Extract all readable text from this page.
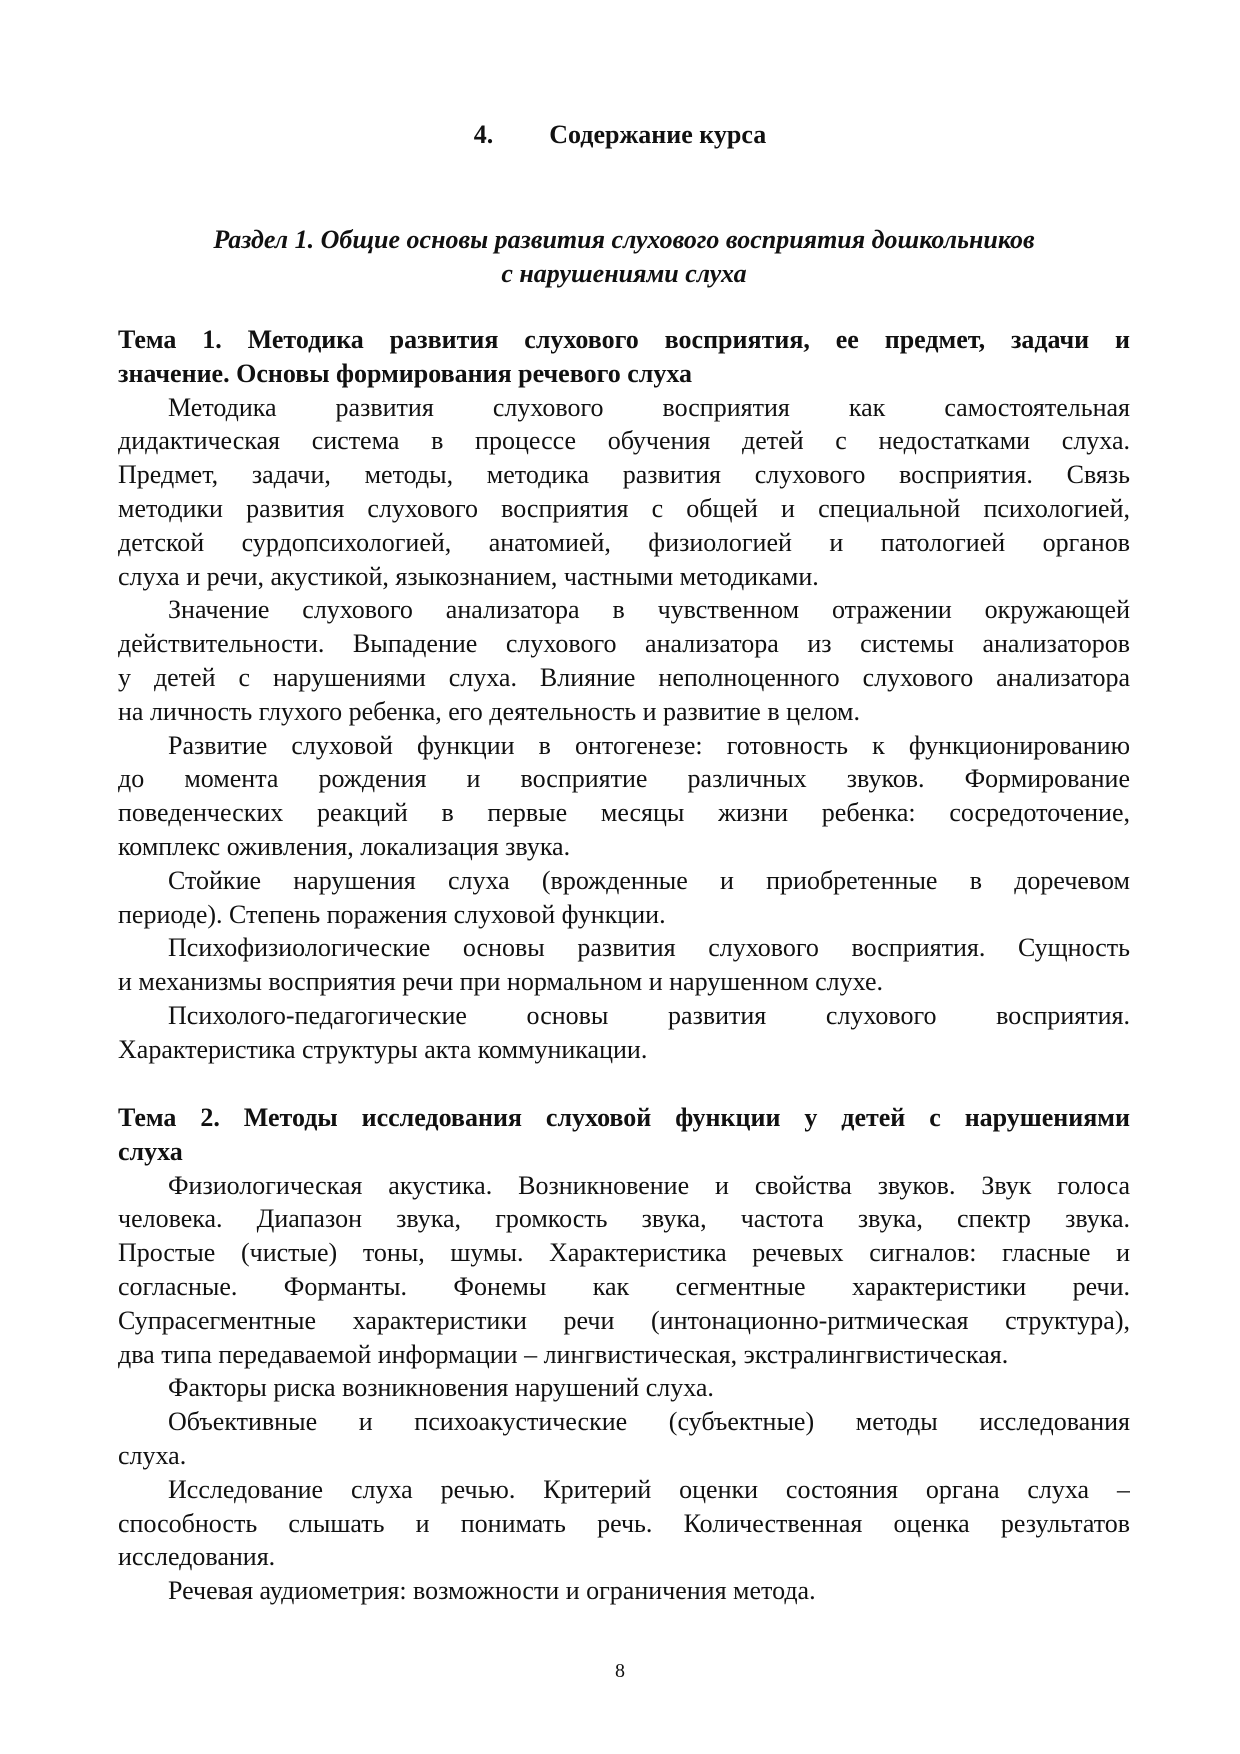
4. Содержание курса
Раздел 1. Общие основы развития слухового восприятия дошкольников
с нарушениями слуха
Тема 1. Методика развития слухового восприятия, ее предмет, задачи и
значение. Основы формирования речевого слуха
Методика развития слухового восприятия как самостоятельная
дидактическая система в процессе обучения детей с недостатками слуха.
Предмет, задачи, методы, методика развития слухового восприятия. Связь
методики развития слухового восприятия с общей и специальной психологией,
детской сурдопсихологией, анатомией, физиологией и патологией органов
слуха и речи, акустикой, языкознанием, частными методиками.
Значение слухового анализатора в чувственном отражении окружающей
действительности. Выпадение слухового анализатора из системы анализаторов
у детей с нарушениями слуха. Влияние неполноценного слухового анализатора
на личность глухого ребенка, его деятельность и развитие в целом.
Развитие слуховой функции в онтогенезе: готовность к функционированию
до момента рождения и восприятие различных звуков. Формирование
поведенческих реакций в первые месяцы жизни ребенка: сосредоточение,
комплекс оживления, локализация звука.
Стойкие нарушения слуха (врожденные и приобретенные в доречевом
периоде). Степень поражения слуховой функции.
Психофизиологические основы развития слухового восприятия. Сущность
и механизмы восприятия речи при нормальном и нарушенном слухе.
Психолого-педагогические основы развития слухового восприятия.
Характеристика структуры акта коммуникации.
Тема 2. Методы исследования слуховой функции у детей с нарушениями
слуха
Физиологическая акустика. Возникновение и свойства звуков. Звук голоса
человека. Диапазон звука, громкость звука, частота звука, спектр звука.
Простые (чистые) тоны, шумы. Характеристика речевых сигналов: гласные и
согласные. Форманты. Фонемы как сегментные характеристики речи.
Супрасегментные характеристики речи (интонационно-ритмическая структура),
два типа передаваемой информации – лингвистическая, экстралингвистическая.
Факторы риска возникновения нарушений слуха.
Объективные и психоакустические (субъектные) методы исследования
слуха.
Исследование слуха речью. Критерий оценки состояния органа слуха –
способность слышать и понимать речь. Количественная оценка результатов
исследования.
Речевая аудиометрия: возможности и ограничения метода.
8
